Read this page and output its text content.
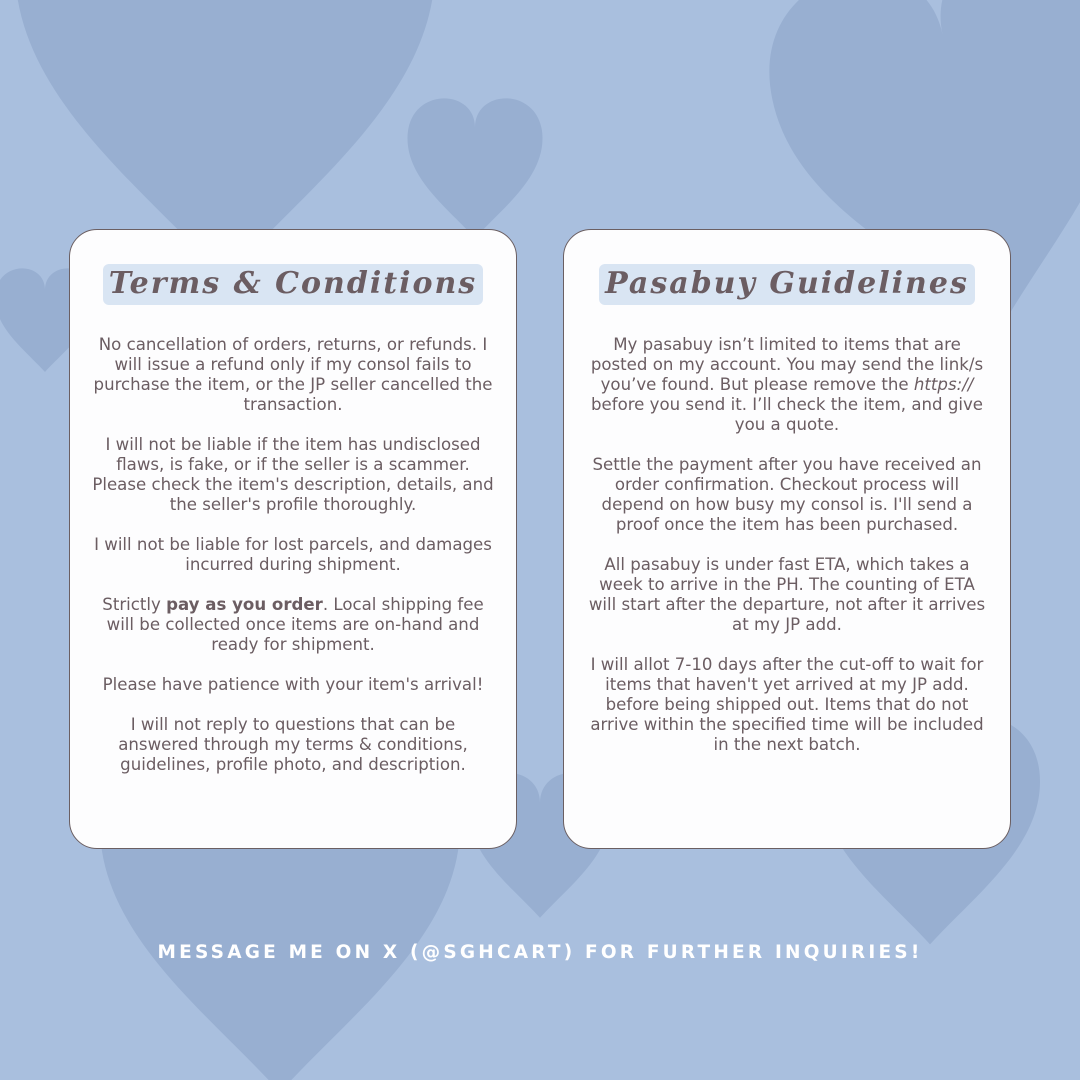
Terms & Conditions

No cancellation of orders, returns, or refunds. I will issue a refund only if my consol fails to purchase the item, or the JP seller cancelled the transaction.

I will not be liable if the item has undisclosed flaws, is fake, or if the seller is a scammer. Please check the item's description, details, and the seller's profile thoroughly.

I will not be liable for lost parcels, and damages incurred during shipment.

Strictly pay as you order. Local shipping fee will be collected once items are on-hand and ready for shipment.

Please have patience with your item's arrival!

I will not reply to questions that can be answered through my terms & conditions, guidelines, profile photo, and description.

Pasabuy Guidelines

My pasabuy isn’t limited to items that are posted on my account. You may send the link/s you’ve found. But please remove the https:// before you send it. I’ll check the item, and give you a quote.

Settle the payment after you have received an order confirmation. Checkout process will depend on how busy my consol is. I'll send a proof once the item has been purchased.

All pasabuy is under fast ETA, which takes a week to arrive in the PH. The counting of ETA will start after the departure, not after it arrives at my JP add.

I will allot 7-10 days after the cut-off to wait for items that haven't yet arrived at my JP add. before being shipped out. Items that do not arrive within the specified time will be included in the next batch.

MESSAGE ME ON X (@SGHCART) FOR FURTHER INQUIRIES!
